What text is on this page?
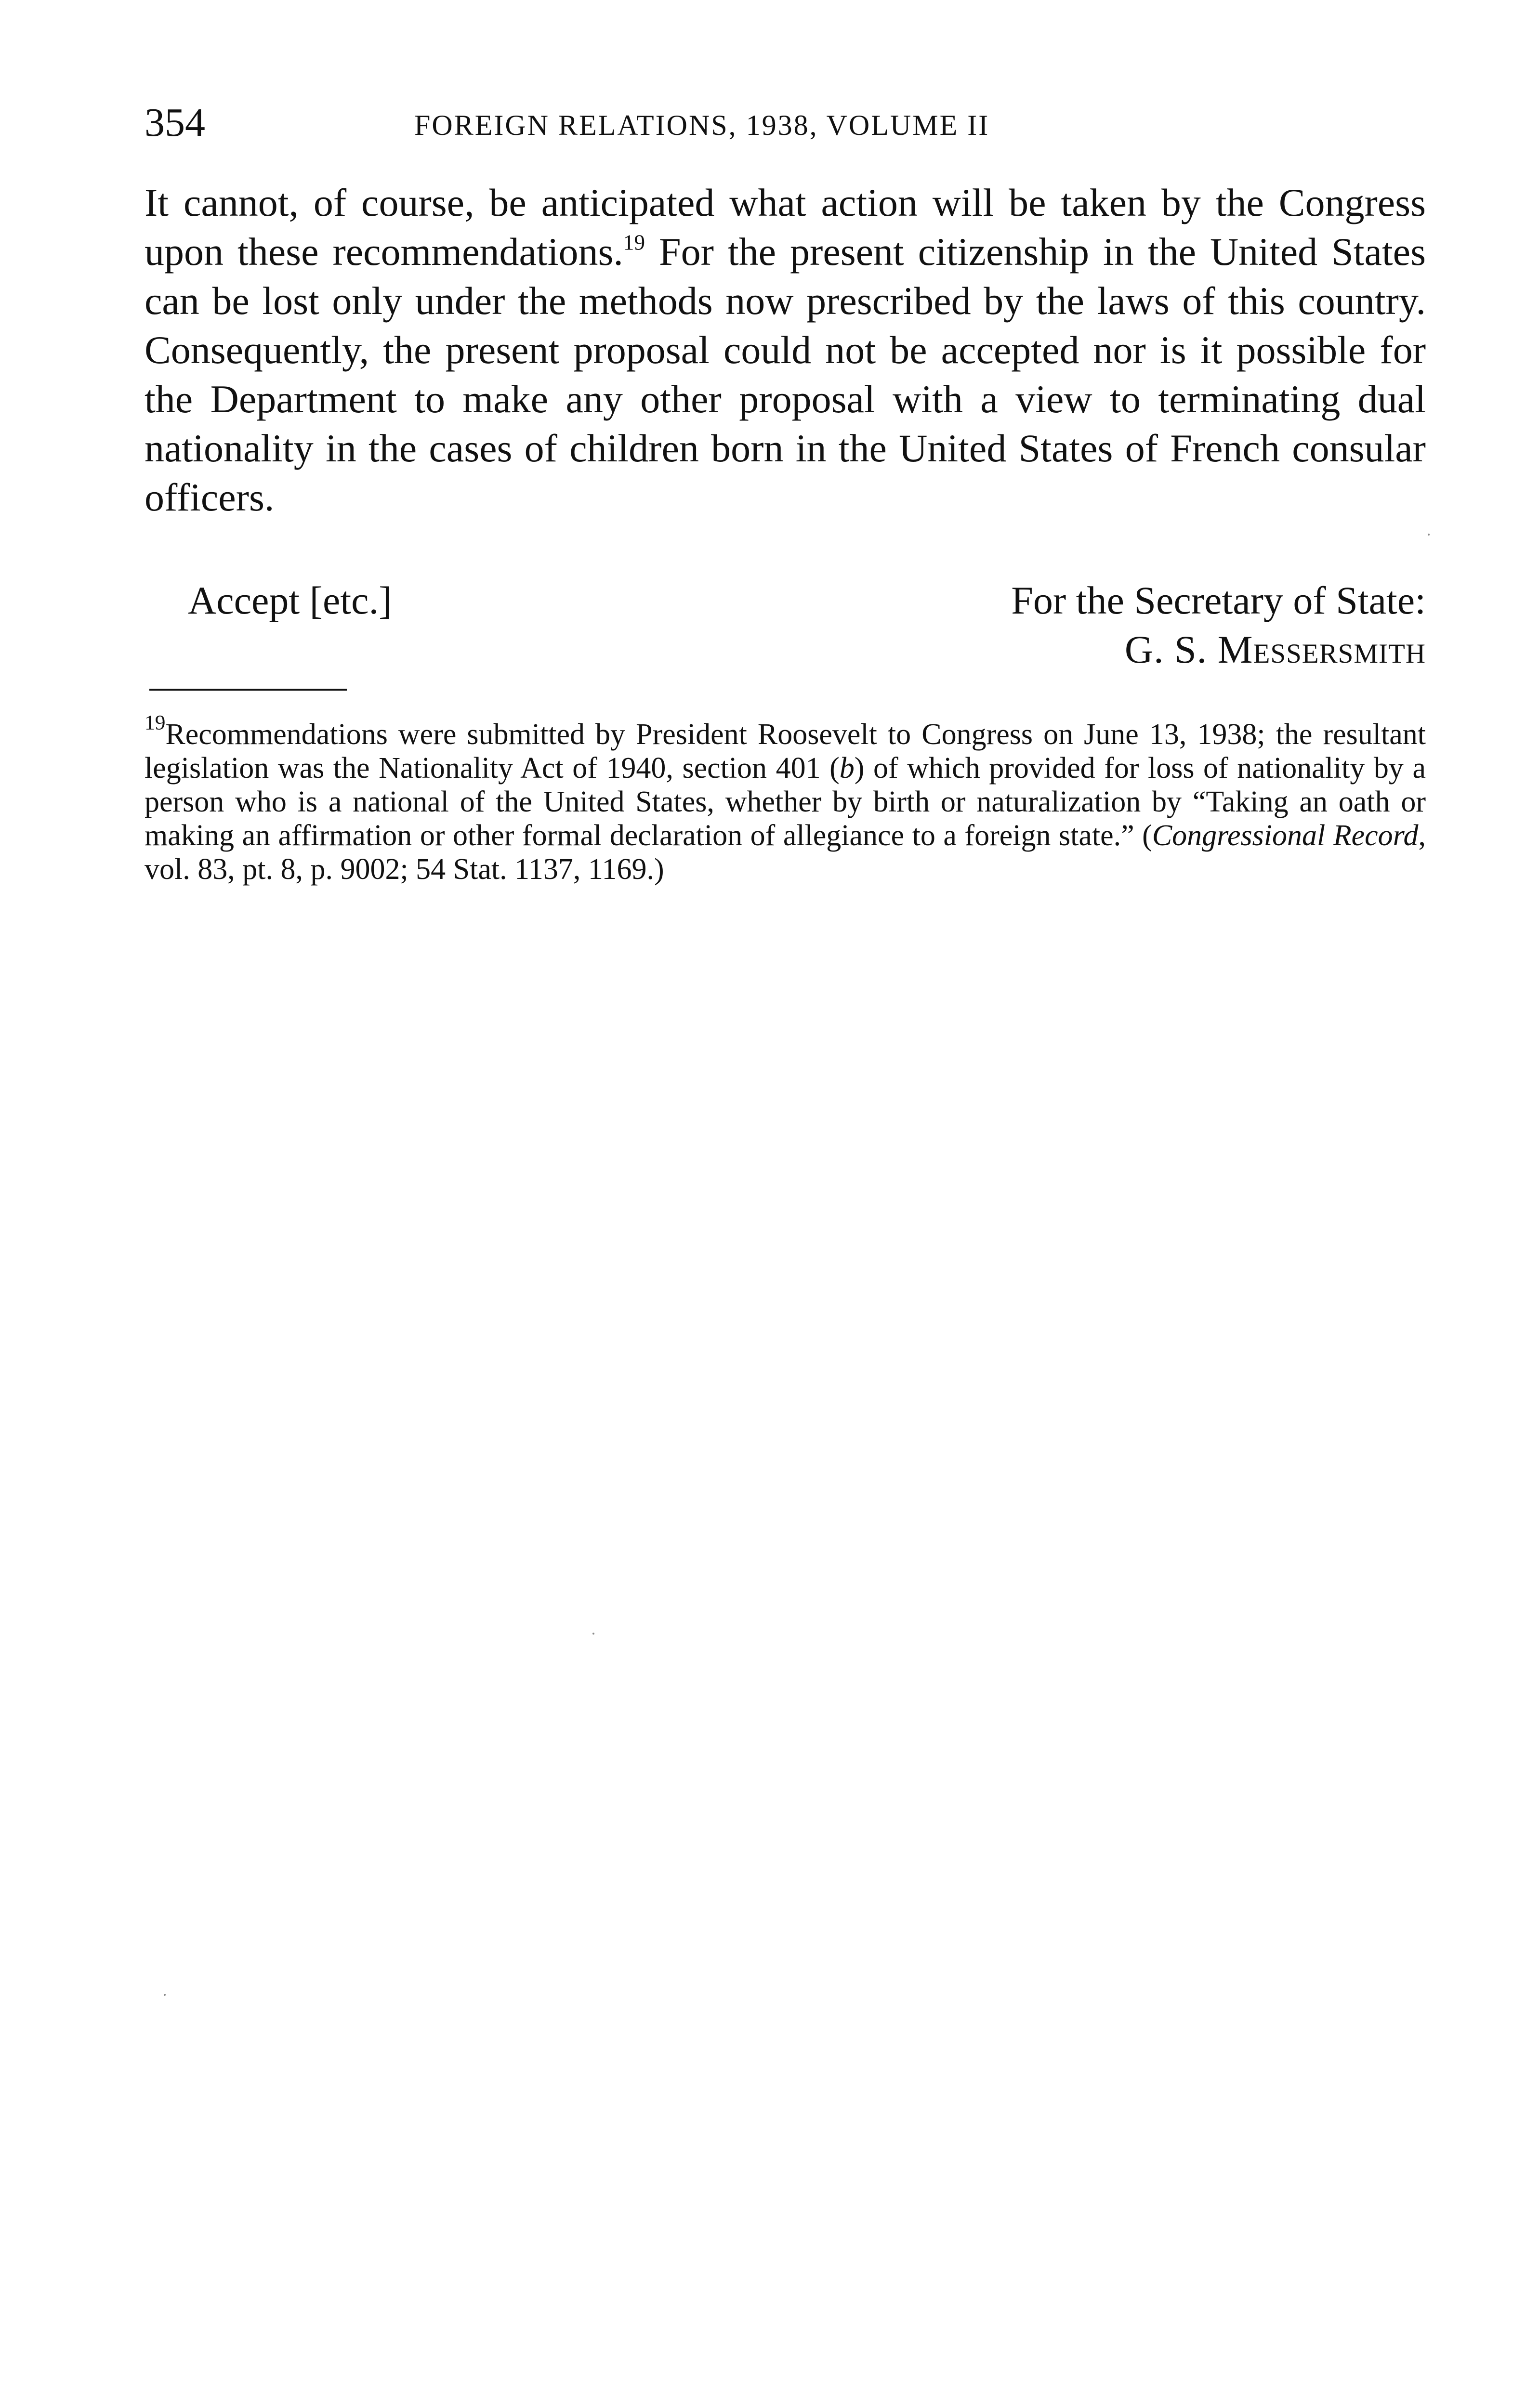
354	FOREIGN RELATIONS, 1938, VOLUME II

It cannot, of course, be anticipated what action will be taken by the Congress upon these recommendations.$^{19}$ For the present citizenship in the United States can be lost only under the methods now prescribed by the laws of this country. Consequently, the present proposal could not be accepted nor is it possible for the Department to make any other proposal with a view to terminating dual nationality in the cases of children born in the United States of French consular officers.

Accept [etc.]	For the Secretary of State:
G. S. Messersmith

$^{19}$Recommendations were submitted by President Roosevelt to Congress on June 13, 1938; the resultant legislation was the Nationality Act of 1940, section 401 (b) of which provided for loss of nationality by a person who is a national of the United States, whether by birth or naturalization by “Taking an oath or making an affirmation or other formal declaration of allegiance to a foreign state.” (Congressional Record, vol. 83, pt. 8, p. 9002; 54 Stat. 1137, 1169.)
